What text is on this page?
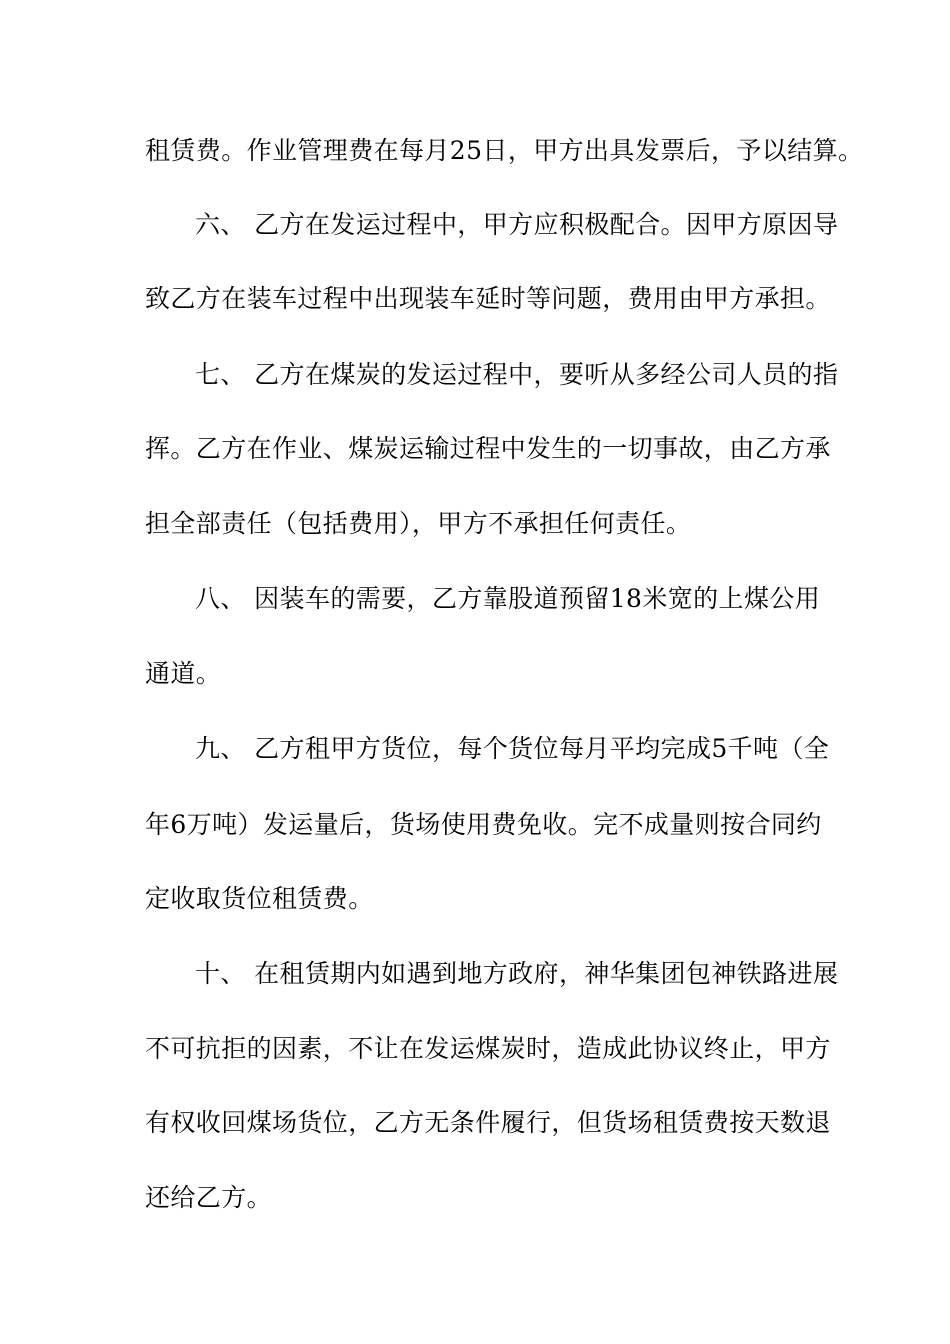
租赁费。作业管理费在每月25日，甲方出具发票后，予以结算。
六、 乙方在发运过程中，甲方应积极配合。因甲方原因导
致乙方在装车过程中出现装车延时等问题，费用由甲方承担。
七、 乙方在煤炭的发运过程中，要听从多经公司人员的指
挥。乙方在作业、煤炭运输过程中发生的一切事故，由乙方承
担全部责任（包括费用），甲方不承担任何责任。
八、 因装车的需要，乙方靠股道预留18米宽的上煤公用
通道。
九、 乙方租甲方货位，每个货位每月平均完成5千吨（全
年6万吨）发运量后，货场使用费免收。完不成量则按合同约
定收取货位租赁费。
十、 在租赁期内如遇到地方政府，神华集团包神铁路进展
不可抗拒的因素，不让在发运煤炭时，造成此协议终止，甲方
有权收回煤场货位，乙方无条件履行，但货场租赁费按天数退
还给乙方。
